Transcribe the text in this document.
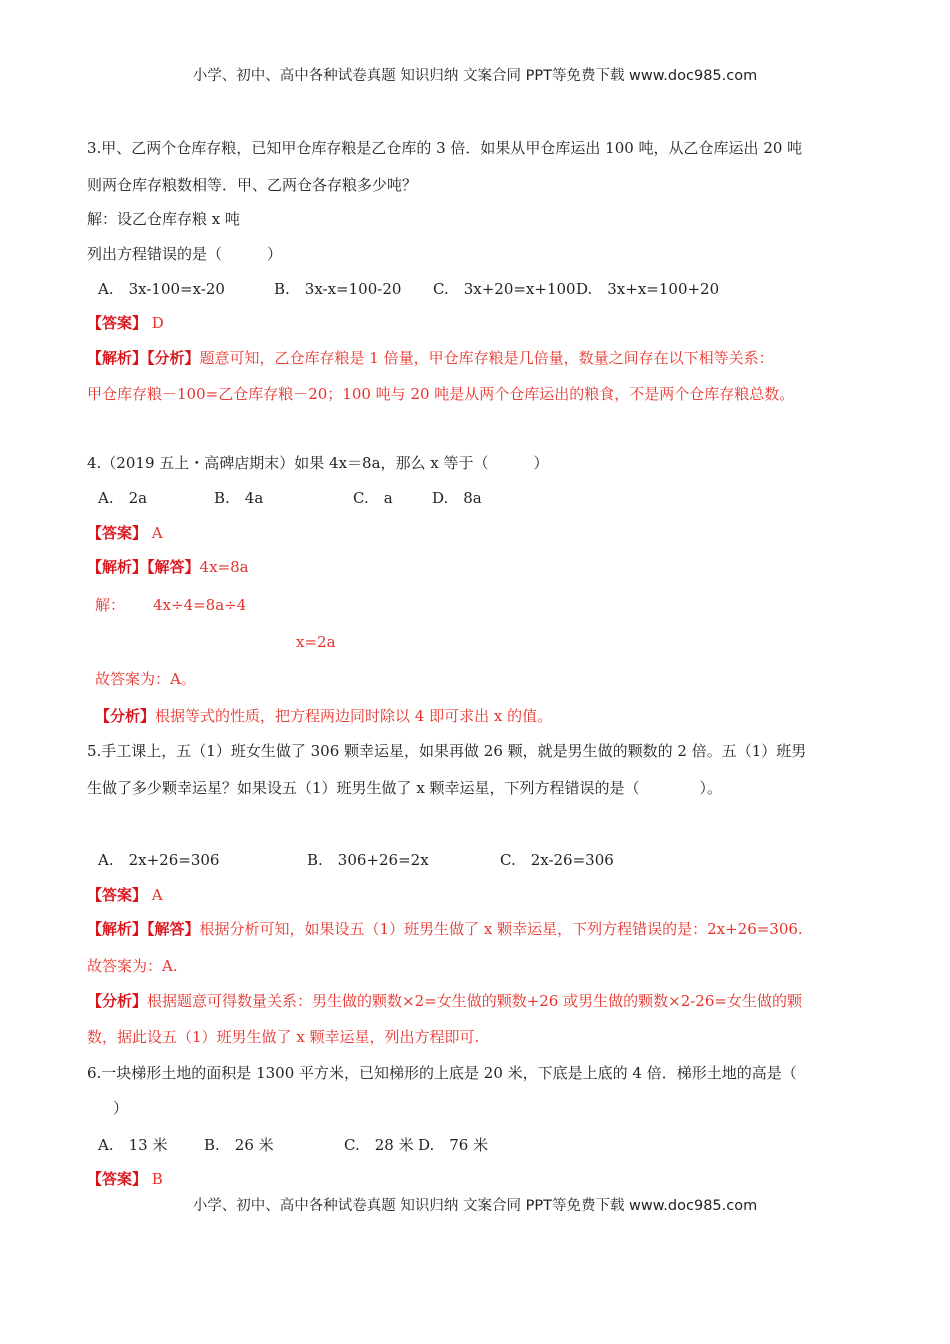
小学、初中、高中各种试卷真题 知识归纳 文案合同 PPT等免费下载 www.doc985.com
3.甲、乙两个仓库存粮，已知甲仓库存粮是乙仓库的 3 倍．如果从甲仓库运出 100 吨，从乙仓库运出 20 吨
则两仓库存粮数相等．甲、乙两仓各存粮多少吨？
解：设乙仓库存粮 x 吨
列出方程错误的是（　　　）
A.　3x-100=x-20	B.　3x-x=100-20 C.　3x+20=x+100 D.　3x+x=100+20
【答案】 D
【解析】【分析】题意可知，乙仓库存粮是 1 倍量，甲仓库存粮是几倍量，数量之间存在以下相等关系：
甲仓库存粮－100=乙仓库存粮－20；100 吨与 20 吨是从两个仓库运出的粮食，不是两个仓库存粮总数。
4.（2019 五上・高碑店期末）如果 4x＝8a，那么 x 等于（　　　）
A.　2a	B.　4a	C.　a	D.　8a
【答案】 A
【解析】【解答】4x=8a
解： 4x÷4=8a÷4
x=2a
故答案为：A。
【分析】根据等式的性质，把方程两边同时除以 4 即可求出 x 的值。
5.手工课上，五（1）班女生做了 306 颗幸运星，如果再做 26 颗，就是男生做的颗数的 2 倍。五（1）班男
生做了多少颗幸运星？如果设五（1）班男生做了 x 颗幸运星，下列方程错误的是（　　　　）。
A.　2x+26=306	B.　306+26=2x	C.　2x-26=306
【答案】 A
【解析】【解答】根据分析可知，如果设五（1）班男生做了 x 颗幸运星，下列方程错误的是：2x+26=306.
故答案为：A.
【分析】根据题意可得数量关系：男生做的颗数×2=女生做的颗数+26 或男生做的颗数×2-26=女生做的颗
数，据此设五（1）班男生做了 x 颗幸运星，列出方程即可.
6.一块梯形土地的面积是 1300 平方米，已知梯形的上底是 20 米，下底是上底的 4 倍．梯形土地的高是（
　）
A.　13 米 B.　26 米	C.　28 米 D.　76 米
【答案】 B
小学、初中、高中各种试卷真题 知识归纳 文案合同 PPT等免费下载 www.doc985.com
